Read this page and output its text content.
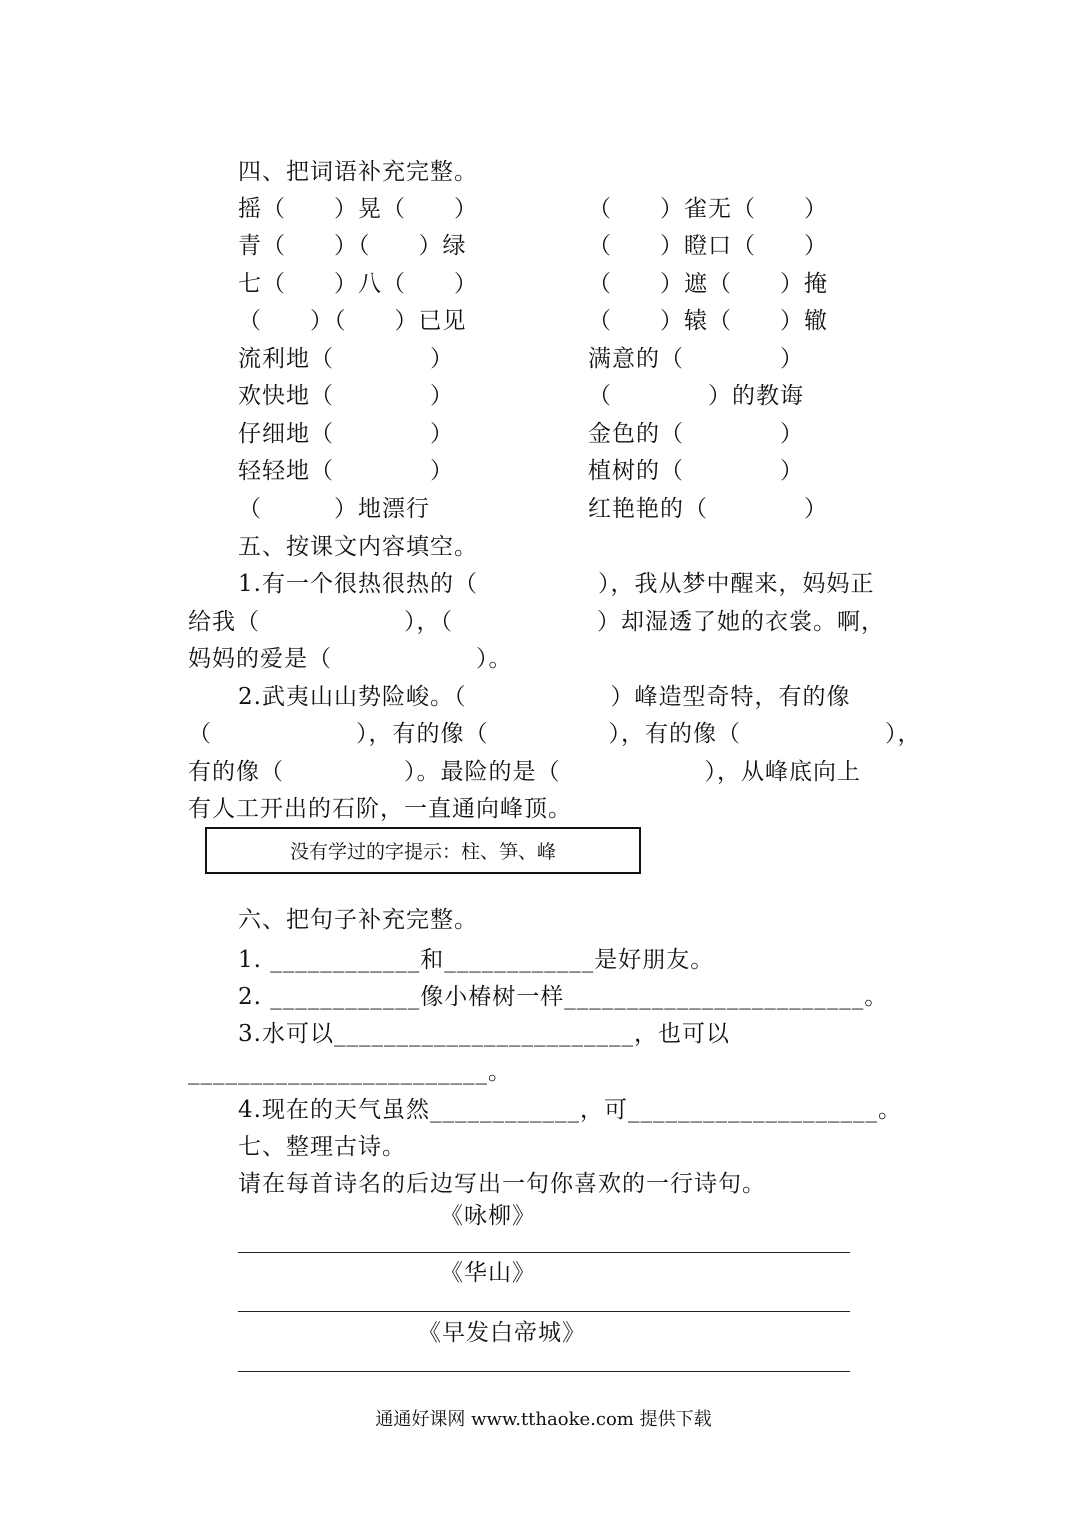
四、把词语补充完整。
摇（　　）晃（　　）
青（　　）（　　）绿
七（　　）八（　　）
（　　）（　　）已见
流利地（　　　　）
欢快地（　　　　）
仔细地（　　　　）
轻轻地（　　　　）
（　　　）地漂行
（　　）雀无（　　）
（　　）瞪口（　　）
（　　）遮（　　）掩
（　　）辕（　　）辙
满意的（　　　　）
（　　　　）的教诲
金色的（　　　　）
植树的（　　　　）
红艳艳的（　　　　）
五、按课文内容填空。
1.有一个很热很热的（　　　　　），我从梦中醒来，妈妈正
给我（　　　　　　），（　　　　　　）却湿透了她的衣裳。啊，
妈妈的爱是（　　　　　　）。
2.武夷山山势险峻。（　　　　　　）峰造型奇特，有的像
（　　　　　　），有的像（　　　　　），有的像（　　　　　　），
有的像（　　　　　）。最险的是（　　　　　　），从峰底向上
有人工开出的石阶，一直通向峰顶。
没有学过的字提示：柱、笋、峰
六、把句子补充完整。
1. ____________和____________是好朋友。
2. ____________像小椿树一样________________________。
3.水可以________________________，也可以
________________________。
4.现在的天气虽然____________，可____________________。
七、整理古诗。
请在每首诗名的后边写出一句你喜欢的一行诗句。
《咏柳》
《华山》
《早发白帝城》
通通好课网 www.tthaoke.com 提供下载
